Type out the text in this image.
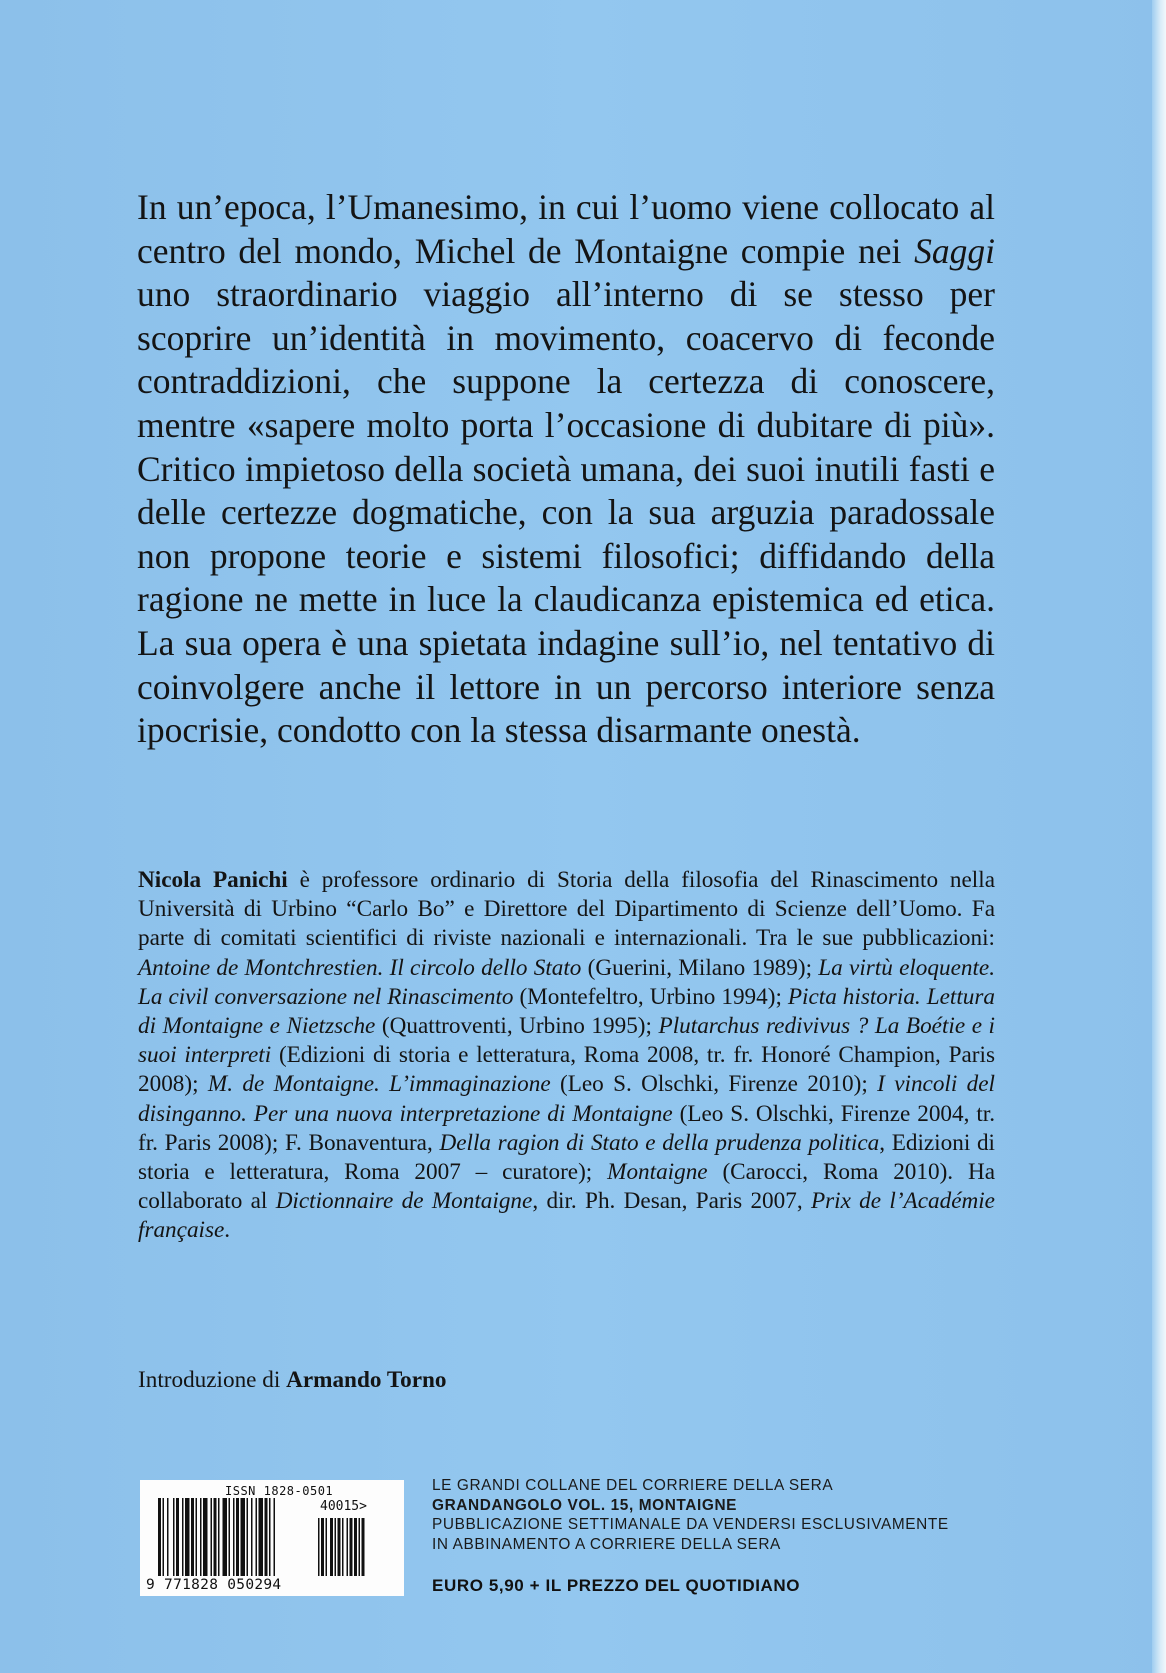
In un’epoca, l’Umanesimo, in cui l’uomo viene collocato al centro del mondo, Michel de Montaigne compie nei Saggi uno straordinario viaggio all’interno di se stesso per scoprire un’identità in movimento, coacervo di feconde contraddizioni, che suppone la certezza di conoscere, mentre «sapere molto porta l’occasione di dubitare di più». Critico impietoso della società umana, dei suoi inutili fasti e delle certezze dogmatiche, con la sua arguzia paradossale non propone teorie e sistemi filosofici; diffidando della ragione ne mette in luce la claudicanza epistemica ed etica. La sua opera è una spietata indagine sull’io, nel tentativo di coinvolgere anche il lettore in un percorso interiore senza ipocrisie, condotto con la stessa disarmante onestà.

Nicola Panichi è professore ordinario di Storia della filosofia del Rinascimento nella Università di Urbino “Carlo Bo” e Direttore del Dipartimento di Scienze dell’Uomo. Fa parte di comitati scientifici di riviste nazionali e internazionali. Tra le sue pubblicazioni: Antoine de Montchrestien. Il circolo dello Stato (Guerini, Milano 1989); La virtù eloquente. La civil conversazione nel Rinascimento (Montefeltro, Urbino 1994); Picta historia. Lettura di Montaigne e Nietzsche (Quattroventi, Urbino 1995); Plutarchus redivivus ? La Boétie e i suoi interpreti (Edizioni di storia e letteratura, Roma 2008, tr. fr. Honoré Champion, Paris 2008); M. de Montaigne. L’immaginazione (Leo S. Olschki, Firenze 2010); I vincoli del disinganno. Per una nuova interpretazione di Montaigne (Leo S. Olschki, Firenze 2004, tr. fr. Paris 2008); F. Bonaventura, Della ragion di Stato e della prudenza politica, Edizioni di storia e letteratura, Roma 2007 – curatore); Montaigne (Carocci, Roma 2010). Ha collaborato al Dictionnaire de Montaigne, dir. Ph. Desan, Paris 2007, Prix de l’Académie française.

Introduzione di Armando Torno

ISSN 1828-0501
40015>
9 771828 050294
LE GRANDI COLLANE DEL CORRIERE DELLA SERA
GRANDANGOLO VOL. 15, MONTAIGNE
PUBBLICAZIONE SETTIMANALE DA VENDERSI ESCLUSIVAMENTE
IN ABBINAMENTO A CORRIERE DELLA SERA
EURO 5,90 + IL PREZZO DEL QUOTIDIANO
